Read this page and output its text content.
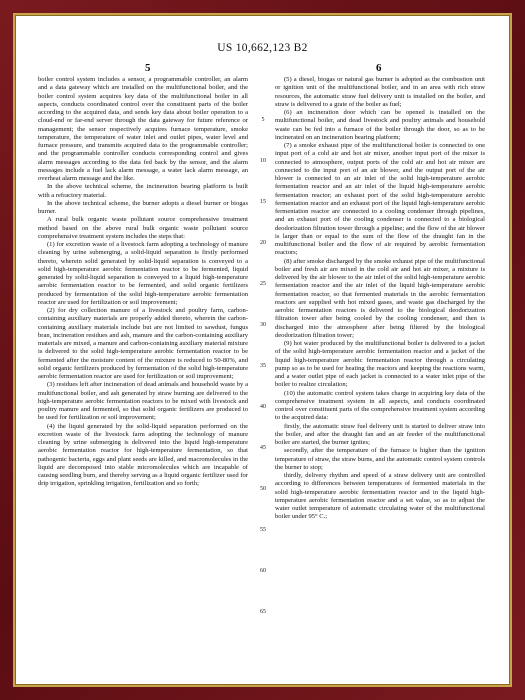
US 10,662,123 B2
5	6

boiler control system includes a sensor, a programmable controller, an alarm and a data gateway which are installed on the multifunctional boiler, and the boiler control system acquires key data of the multifunctional boiler in all aspects, conducts coordinated control over the constituent parts of the boiler according to the acquired data, and sends key data about boiler operation to a cloud-end or far-end server through the data gateway for future reference or management; the sensor respectively acquires furnace temperature, smoke temperature, the temperature of water inlet and outlet pipes, water level and furnace pressure, and transmits acquired data to the programmable controller; and the programmable controller conducts corresponding control and gives alarm messages according to the data fed back by the sensor, and the alarm messages include a fuel lack alarm message, a water lack alarm message, an overheat alarm message and the like.

In the above technical scheme, the incineration bearing platform is built with a refractory material.

In the above technical scheme, the burner adopts a diesel burner or biogas burner.

A rural bulk organic waste pollutant source comprehensive treatment method based on the above rural bulk organic waste pollutant source comprehensive treatment system includes the steps that:

(1) for excretion waste of a livestock farm adopting a technology of manure cleaning by urine submerging, a solid-liquid separation is firstly performed thereto, wherein solid generated by solid-liquid separation is conveyed to a solid high-temperature aerobic fermentation reactor to be fermented, liquid generated by solid-liquid separation is conveyed to a liquid high-temperature aerobic fermentation reactor to be fermented, and solid organic fertilizers produced by fermentation of the solid high-temperature aerobic fermentation reactor are used for fertilization or soil improvement;

(2) for dry collection manure of a livestock and poultry farm, carbon-containing auxiliary materials are properly added thereto, wherein the carbon-containing auxiliary materials include but are not limited to sawdust, fungus bran, incineration residues and ash, manure and the carbon-containing auxiliary materials are mixed, a manure and carbon-containing auxiliary material mixture is delivered to the solid high-temperature aerobic fermentation reactor to be fermented after the moisture content of the mixture is reduced to 50-80%, and solid organic fertilizers produced by fermentation of the solid high-temperature aerobic fermentation reactor are used for fertilization or soil improvement;

(3) residues left after incineration of dead animals and household waste by a multifunctional boiler, and ash generated by straw burning are delivered to the high-temperature aerobic fermentation reactors to be mixed with livestock and poultry manure and fermented, so that solid organic fertilizers are produced to be used for fertilization or soil improvement;

(4) the liquid generated by the solid-liquid separation performed on the excretion waste of the livestock farm adopting the technology of manure cleaning by urine submerging is delivered into the liquid high-temperature aerobic fermentation reactor for high-temperature fermentation, so that pathogenic bacteria, eggs and plant seeds are killed, and macromolecules in the liquid are decomposed into stable micromolecules which are incapable of causing seedling burn, and thereby serving as a liquid organic fertilizer used for drip irrigation, sprinkling irrigation, fertilization and so forth;

5
10
15
20
25
30
35
40
45
50
55
60
65

(5) a diesel, biogas or natural gas burner is adopted as the combustion unit or ignition unit of the multifunctional boiler, and in an area with rich straw resources, the automatic straw fuel delivery unit is installed on the boiler, and straw is delivered to a grate of the boiler as fuel;

(6) an incineration door which can be opened is installed on the multifunctional boiler, and dead livestock and poultry animals and household waste can be fed into a furnace of the boiler through the door, so as to be incinerated on an incineration bearing platform;

(7) a smoke exhaust pipe of the multifunctional boiler is connected to one input port of a cold air and hot air mixer, another input port of the mixer is connected to atmosphere, output ports of the cold air and hot air mixer are connected to the input port of an air blower, and the output port of the air blower is connected to an air inlet of the solid high-temperature aerobic fermentation reactor and an air inlet of the liquid high-temperature aerobic fermentation reactor; an exhaust port of the solid high-temperature aerobic fermentation reactor and an exhaust port of the liquid high-temperature aerobic fermentation reactor are connected to a cooling condenser through pipelines, and an exhaust port of the cooling condenser is connected to a biological deodorization filtration tower through a pipeline; and the flow of the air blower is larger than or equal to the sum of the flow of the draught fan in the multifunctional boiler and the flow of air required by aerobic fermentation reactors;

(8) after smoke discharged by the smoke exhaust pipe of the multifunctional boiler and fresh air are mixed in the cold air and hot air mixer, a mixture is delivered by the air blower to the air inlet of the solid high-temperature aerobic fermentation reactor and the air inlet of the liquid high-temperature aerobic fermentation reactor, so that fermented materials in the aerobic fermentation reactors are supplied with hot mixed gases, and waste gas discharged by the aerobic fermentation reactors is delivered to the biological deodorization filtration tower after being cooled by the cooling condenser, and then is discharged into the atmosphere after being filtered by the biological deodorization filtration tower;

(9) hot water produced by the multifunctional boiler is delivered to a jacket of the solid high-temperature aerobic fermentation reactor and a jacket of the liquid high-temperature aerobic fermentation reactor through a circulating pump so as to be used for heating the reactors and keeping the reactions warm, and a water outlet pipe of each jacket is connected to a water inlet pipe of the boiler to realize circulation;

(10) the automatic control system takes charge in acquiring key data of the comprehensive treatment system in all aspects, and conducts coordinated control over constituent parts of the comprehensive treatment system according to the acquired data:

firstly, the automatic straw fuel delivery unit is started to deliver straw into the boiler, and after the draught fan and an air feeder of the multifunctional boiler are started, the burner ignites;

secondly, after the temperature of the furnace is higher than the ignition temperature of straw, the straw burns, and the automatic control system controls the burner to stop;

thirdly, delivery rhythm and speed of a straw delivery unit are controlled according to differences between temperatures of fermented materials in the solid high-temperature aerobic fermentation reactor and in the liquid high-temperature aerobic fermentation reactor and a set value, so as to adjust the water outlet temperature of automatic circulating water of the multifunctional boiler under 95° C.;
